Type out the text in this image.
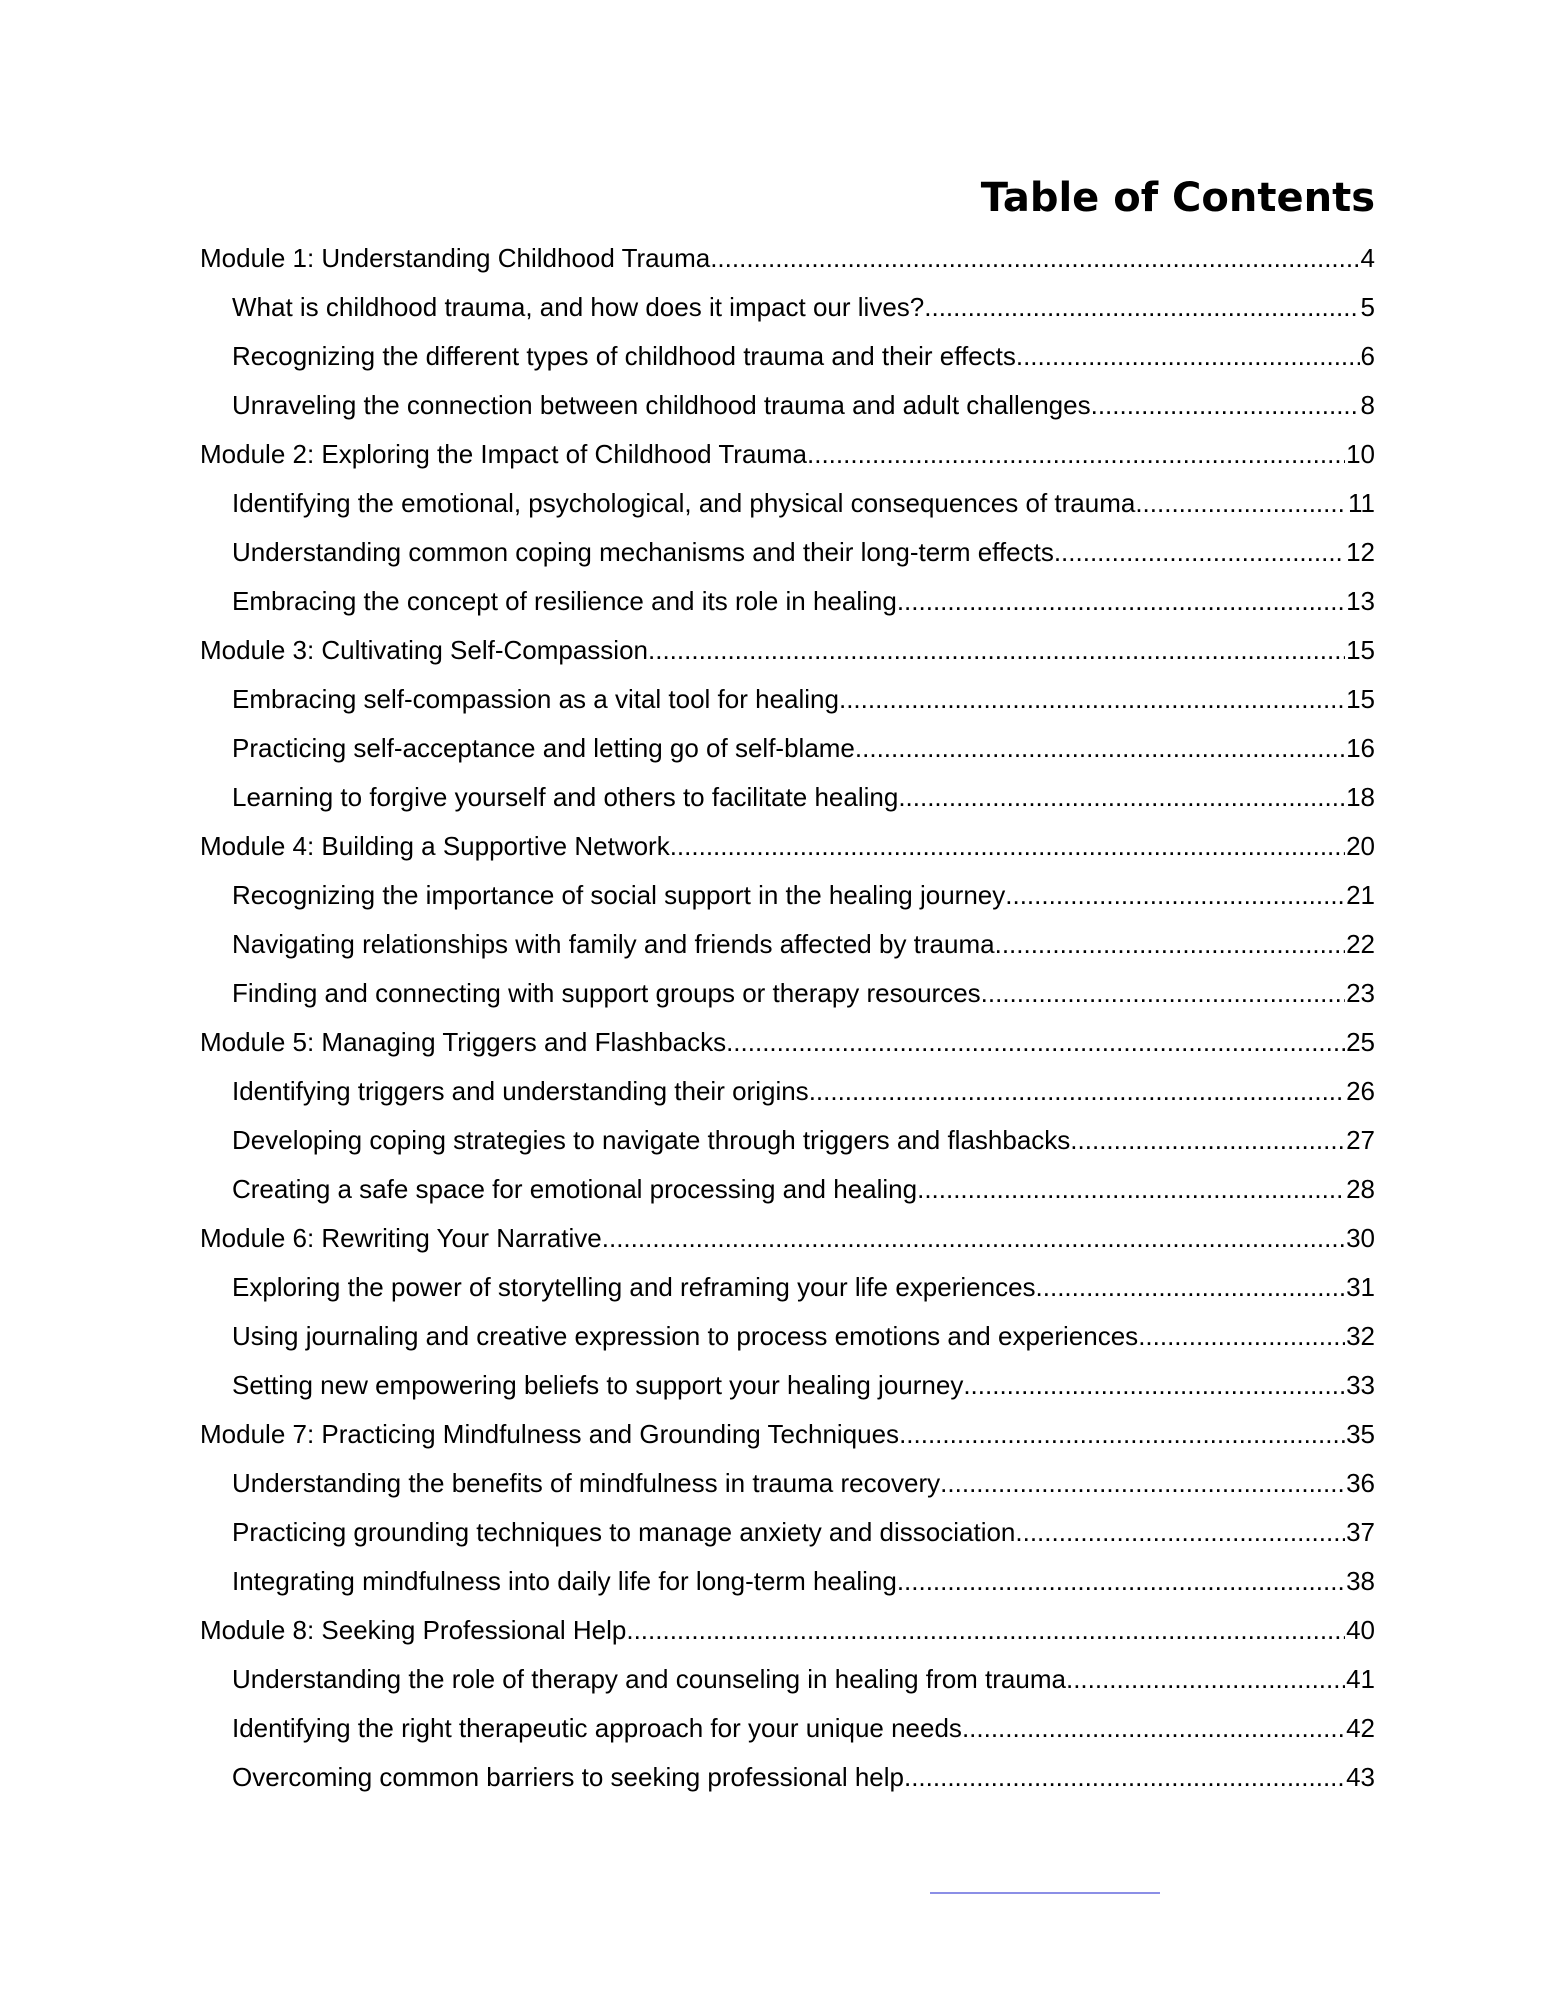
Table of Contents
Module 1: Understanding Childhood Trauma .....	4
What is childhood trauma, and how does it impact our lives? .....	5
Recognizing the different types of childhood trauma and their effects .....	6
Unraveling the connection between childhood trauma and adult challenges .....	8
Module 2: Exploring the Impact of Childhood Trauma .....	10
Identifying the emotional, psychological, and physical consequences of trauma .....	11
Understanding common coping mechanisms and their long-term effects .....	12
Embracing the concept of resilience and its role in healing .....	13
Module 3: Cultivating Self-Compassion .....	15
Embracing self-compassion as a vital tool for healing .....	15
Practicing self-acceptance and letting go of self-blame .....	16
Learning to forgive yourself and others to facilitate healing .....	18
Module 4: Building a Supportive Network .....	20
Recognizing the importance of social support in the healing journey .....	21
Navigating relationships with family and friends affected by trauma .....	22
Finding and connecting with support groups or therapy resources .....	23
Module 5: Managing Triggers and Flashbacks .....	25
Identifying triggers and understanding their origins .....	26
Developing coping strategies to navigate through triggers and flashbacks .....	27
Creating a safe space for emotional processing and healing .....	28
Module 6: Rewriting Your Narrative .....	30
Exploring the power of storytelling and reframing your life experiences .....	31
Using journaling and creative expression to process emotions and experiences .....	32
Setting new empowering beliefs to support your healing journey .....	33
Module 7: Practicing Mindfulness and Grounding Techniques .....	35
Understanding the benefits of mindfulness in trauma recovery .....	36
Practicing grounding techniques to manage anxiety and dissociation .....	37
Integrating mindfulness into daily life for long-term healing .....	38
Module 8: Seeking Professional Help .....	40
Understanding the role of therapy and counseling in healing from trauma .....	41
Identifying the right therapeutic approach for your unique needs .....	42
Overcoming common barriers to seeking professional help .....	43
